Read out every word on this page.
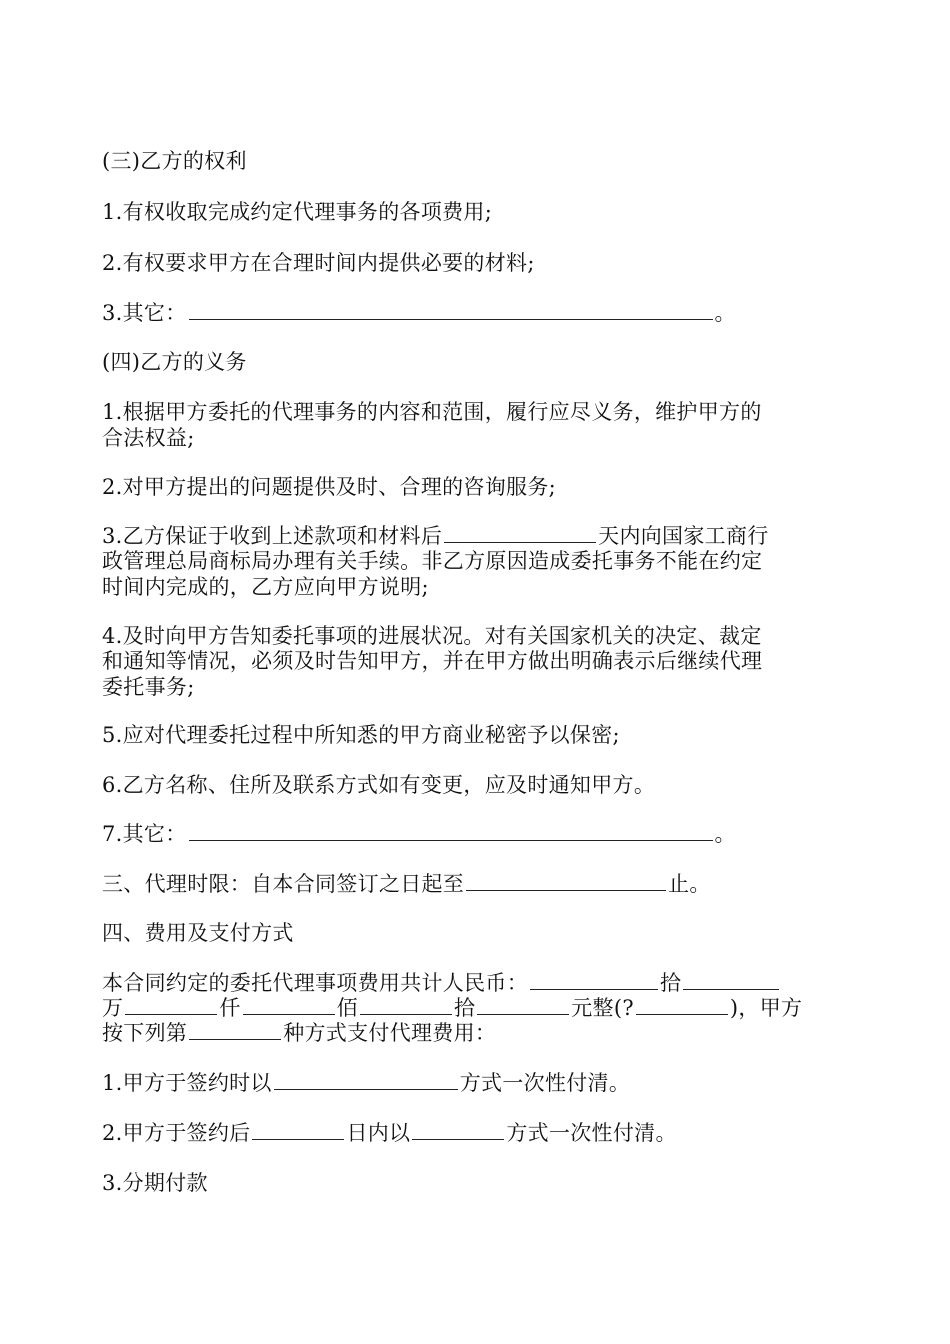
(三)乙方的权利
1.有权收取完成约定代理事务的各项费用;
2.有权要求甲方在合理时间内提供必要的材料;
3.其它：	。
(四)乙方的义务
1.根据甲方委托的代理事务的内容和范围，履行应尽义务，维护甲方的
合法权益;
2.对甲方提出的问题提供及时、合理的咨询服务;
3.乙方保证于收到上述款项和材料后	天内向国家工商行
政管理总局商标局办理有关手续。非乙方原因造成委托事务不能在约定
时间内完成的，乙方应向甲方说明;
4.及时向甲方告知委托事项的进展状况。对有关国家机关的决定、裁定
和通知等情况，必须及时告知甲方，并在甲方做出明确表示后继续代理
委托事务;
5.应对代理委托过程中所知悉的甲方商业秘密予以保密;
6.乙方名称、住所及联系方式如有变更，应及时通知甲方。
7.其它：	。
三、代理时限：自本合同签订之日起至	止。
四、费用及支付方式
本合同约定的委托代理事项费用共计人民币：	拾
万	仟	佰	拾	元整(?	)，甲方
按下列第	种方式支付代理费用：
1.甲方于签约时以	方式一次性付清。
2.甲方于签约后	日内以	方式一次性付清。
3.分期付款
